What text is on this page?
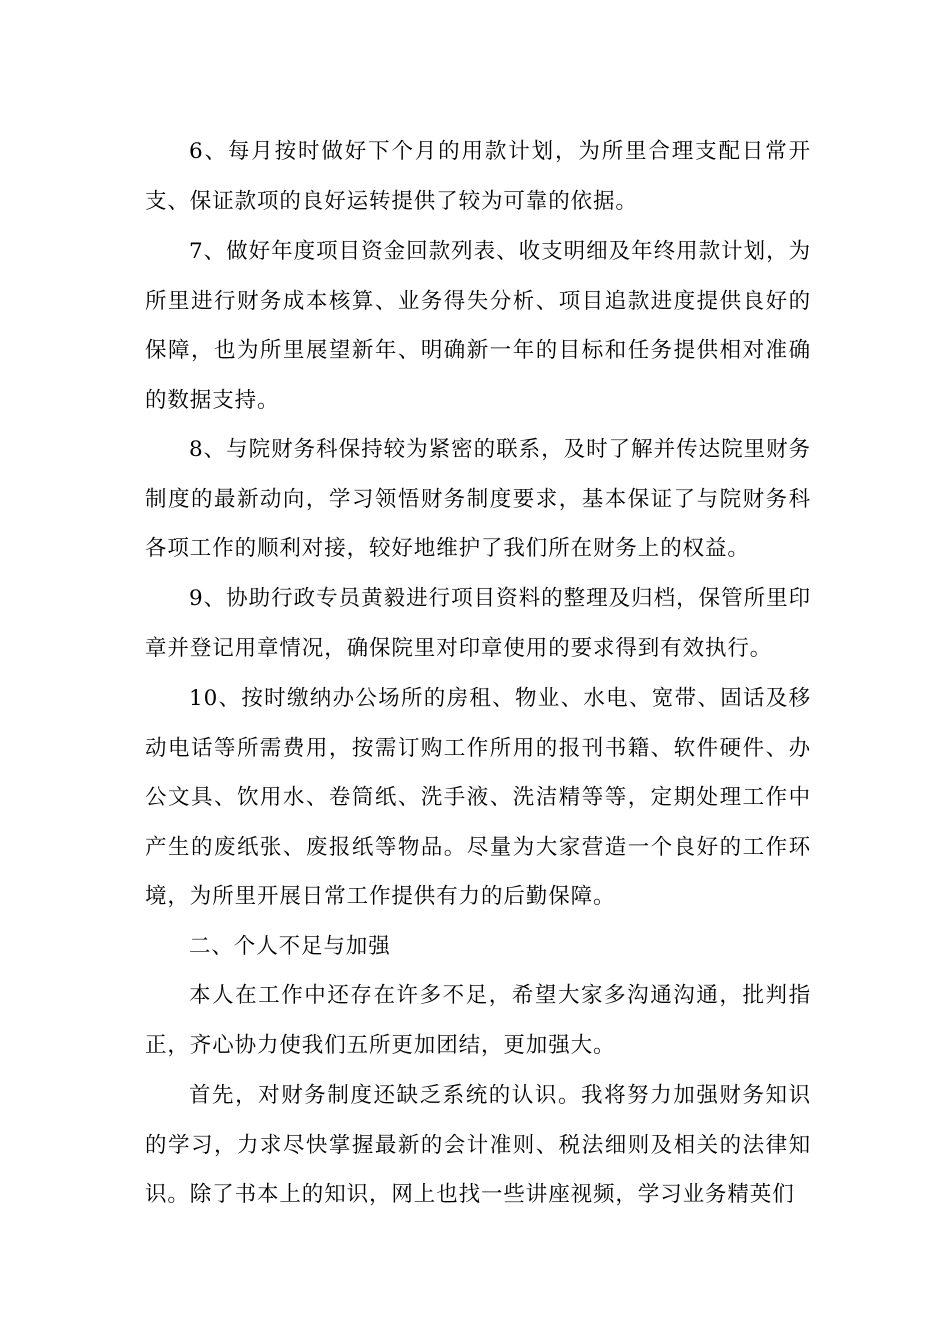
6、每月按时做好下个月的用款计划，为所里合理支配日常开支、保证款项的良好运转提供了较为可靠的依据。

7、做好年度项目资金回款列表、收支明细及年终用款计划，为所里进行财务成本核算、业务得失分析、项目追款进度提供良好的保障，也为所里展望新年、明确新一年的目标和任务提供相对准确的数据支持。

8、与院财务科保持较为紧密的联系，及时了解并传达院里财务制度的最新动向，学习领悟财务制度要求，基本保证了与院财务科各项工作的顺利对接，较好地维护了我们所在财务上的权益。

9、协助行政专员黄毅进行项目资料的整理及归档，保管所里印章并登记用章情况，确保院里对印章使用的要求得到有效执行。

10、按时缴纳办公场所的房租、物业、水电、宽带、固话及移动电话等所需费用，按需订购工作所用的报刊书籍、软件硬件、办公文具、饮用水、卷筒纸、洗手液、洗洁精等等，定期处理工作中产生的废纸张、废报纸等物品。尽量为大家营造一个良好的工作环境，为所里开展日常工作提供有力的后勤保障。

二、个人不足与加强

本人在工作中还存在许多不足，希望大家多沟通沟通，批判指正，齐心协力使我们五所更加团结，更加强大。

首先，对财务制度还缺乏系统的认识。我将努力加强财务知识的学习，力求尽快掌握最新的会计准则、税法细则及相关的法律知识。除了书本上的知识，网上也找一些讲座视频，学习业务精英们
